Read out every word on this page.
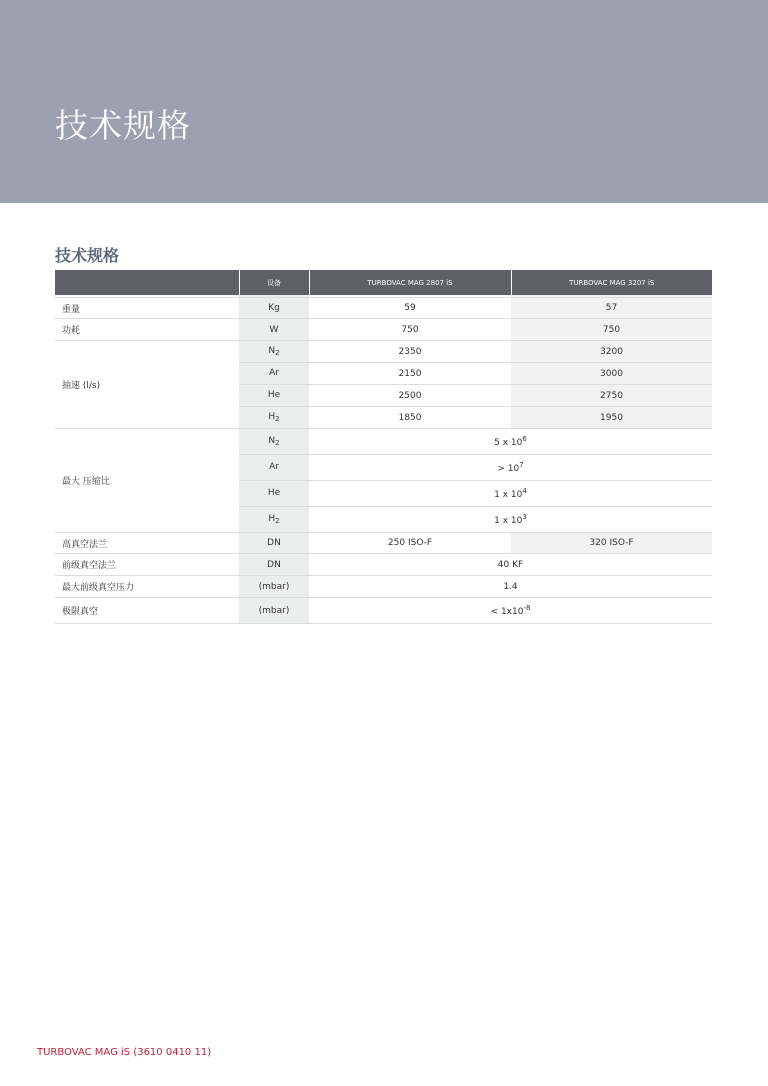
技术规格
技术规格
	设备	TURBOVAC MAG 2807 iS	TURBOVAC MAG 3207 iS

重量	Kg	59	57
功耗	W	750	750
抽速 (l/s)	$N_2$	2350	3200
	Ar	2150	3000
	He	2500	2750
	$H_2$	1850	1950
最大 压缩比	$N_2$	5 x $10^6$
	Ar	> $10^7$
	He	1 x $10^4$
	$H_2$	1 x $10^3$
高真空法兰	DN	250 ISO-F	320 ISO-F
前级真空法兰	DN	40 KF	
最大前级真空压力	(mbar)	1.4	
极限真空	(mbar)	< $1x10^{-8}$
TURBOVAC MAG iS (3610 0410 11)
